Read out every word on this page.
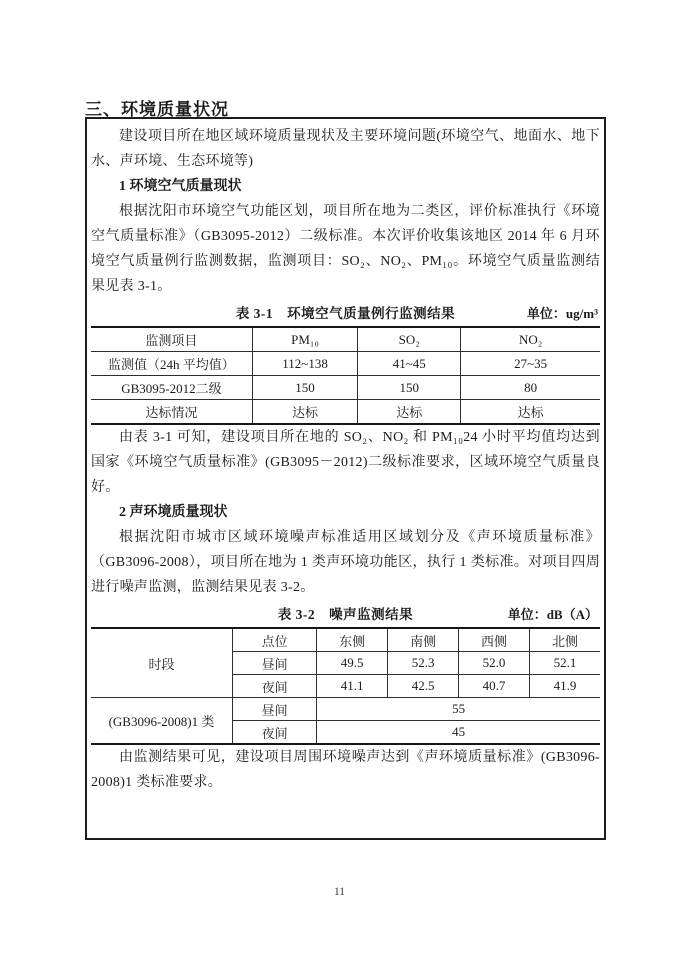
三、环境质量状况

建设项目所在地区域环境质量现状及主要环境问题(环境空气、地面水、地下水、声环境、生态环境等)

1 环境空气质量现状

根据沈阳市环境空气功能区划，项目所在地为二类区，评价标准执行《环境空气质量标准》（GB3095-2012）二级标准。本次评价收集该地区 2014 年 6 月环境空气质量例行监测数据，监测项目：SO₂、NO₂、PM₁₀。环境空气质量监测结果见表 3-1。

表 3-1　环境空气质量例行监测结果	单位：ug/m³
监测项目	PM₁₀	SO₂	NO₂
监测值（24h 平均值）	112~138	41~45	27~35
GB3095-2012二级	150	150	80
达标情况	达标	达标	达标

由表 3-1 可知，建设项目所在地的 SO₂、NO₂ 和 PM₁₀24 小时平均值均达到国家《环境空气质量标准》(GB3095－2012)二级标准要求，区域环境空气质量良好。

2 声环境质量现状

根据沈阳市城市区域环境噪声标准适用区域划分及《声环境质量标准》（GB3096-2008），项目所在地为 1 类声环境功能区，执行 1 类标准。对项目四周进行噪声监测，监测结果见表 3-2。

表 3-2　噪声监测结果	单位：dB（A）
时段	点位	东侧	南侧	西侧	北侧
	昼间	49.5	52.3	52.0	52.1
	夜间	41.1	42.5	40.7	41.9
(GB3096-2008)1 类	昼间	55			
	夜间	45			

由监测结果可见，建设项目周围环境噪声达到《声环境质量标准》(GB3096-2008)1 类标准要求。

11
